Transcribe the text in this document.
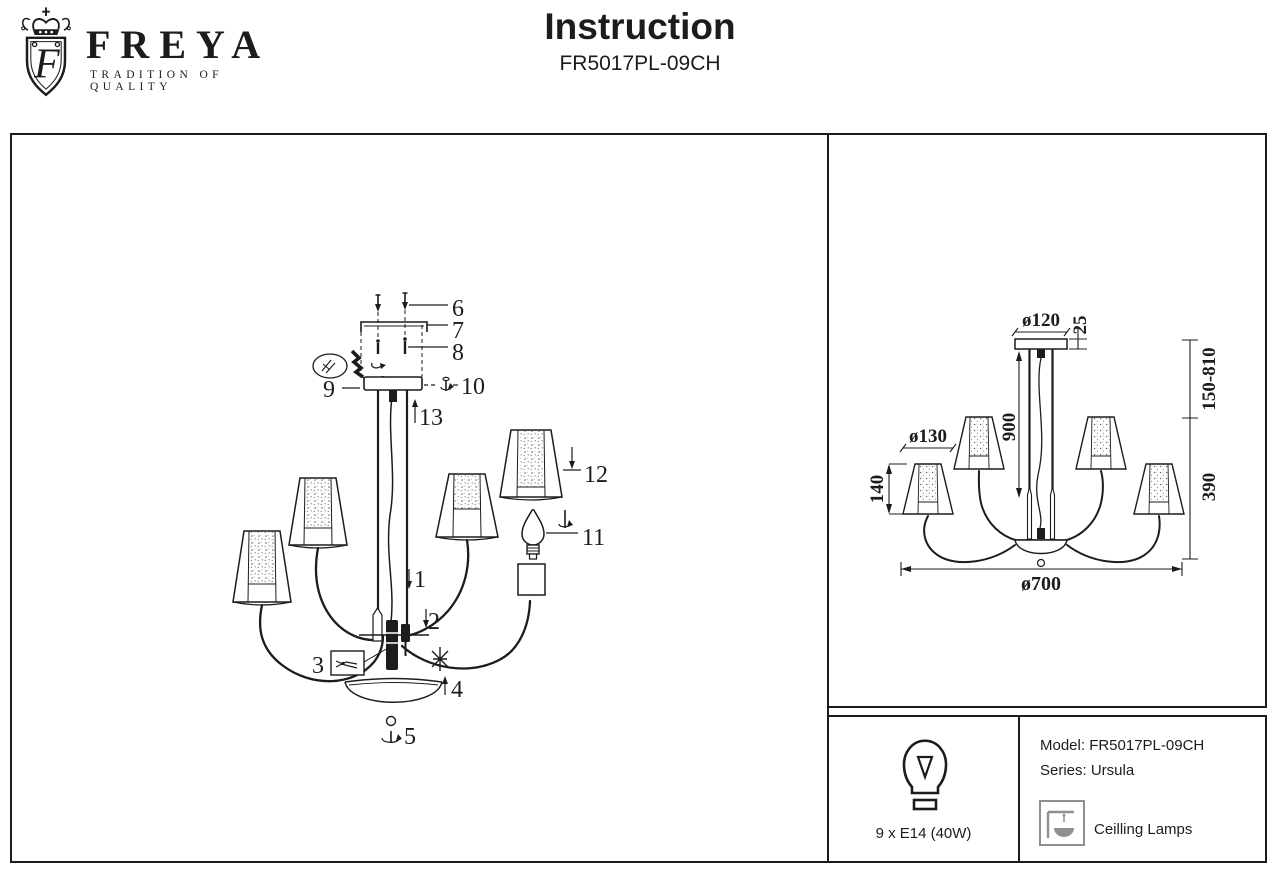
F FREYA
TRADITION OF QUALITY
Instruction
FR5017PL-09CH
6
7
8
9	10
13
12
11
1
2
3
4
5
ø120 25
900
ø130
140
150-810
390
ø700
9 x E14 (40W)
Model: FR5017PL-09CH
Series: Ursula
Ceilling Lamps
